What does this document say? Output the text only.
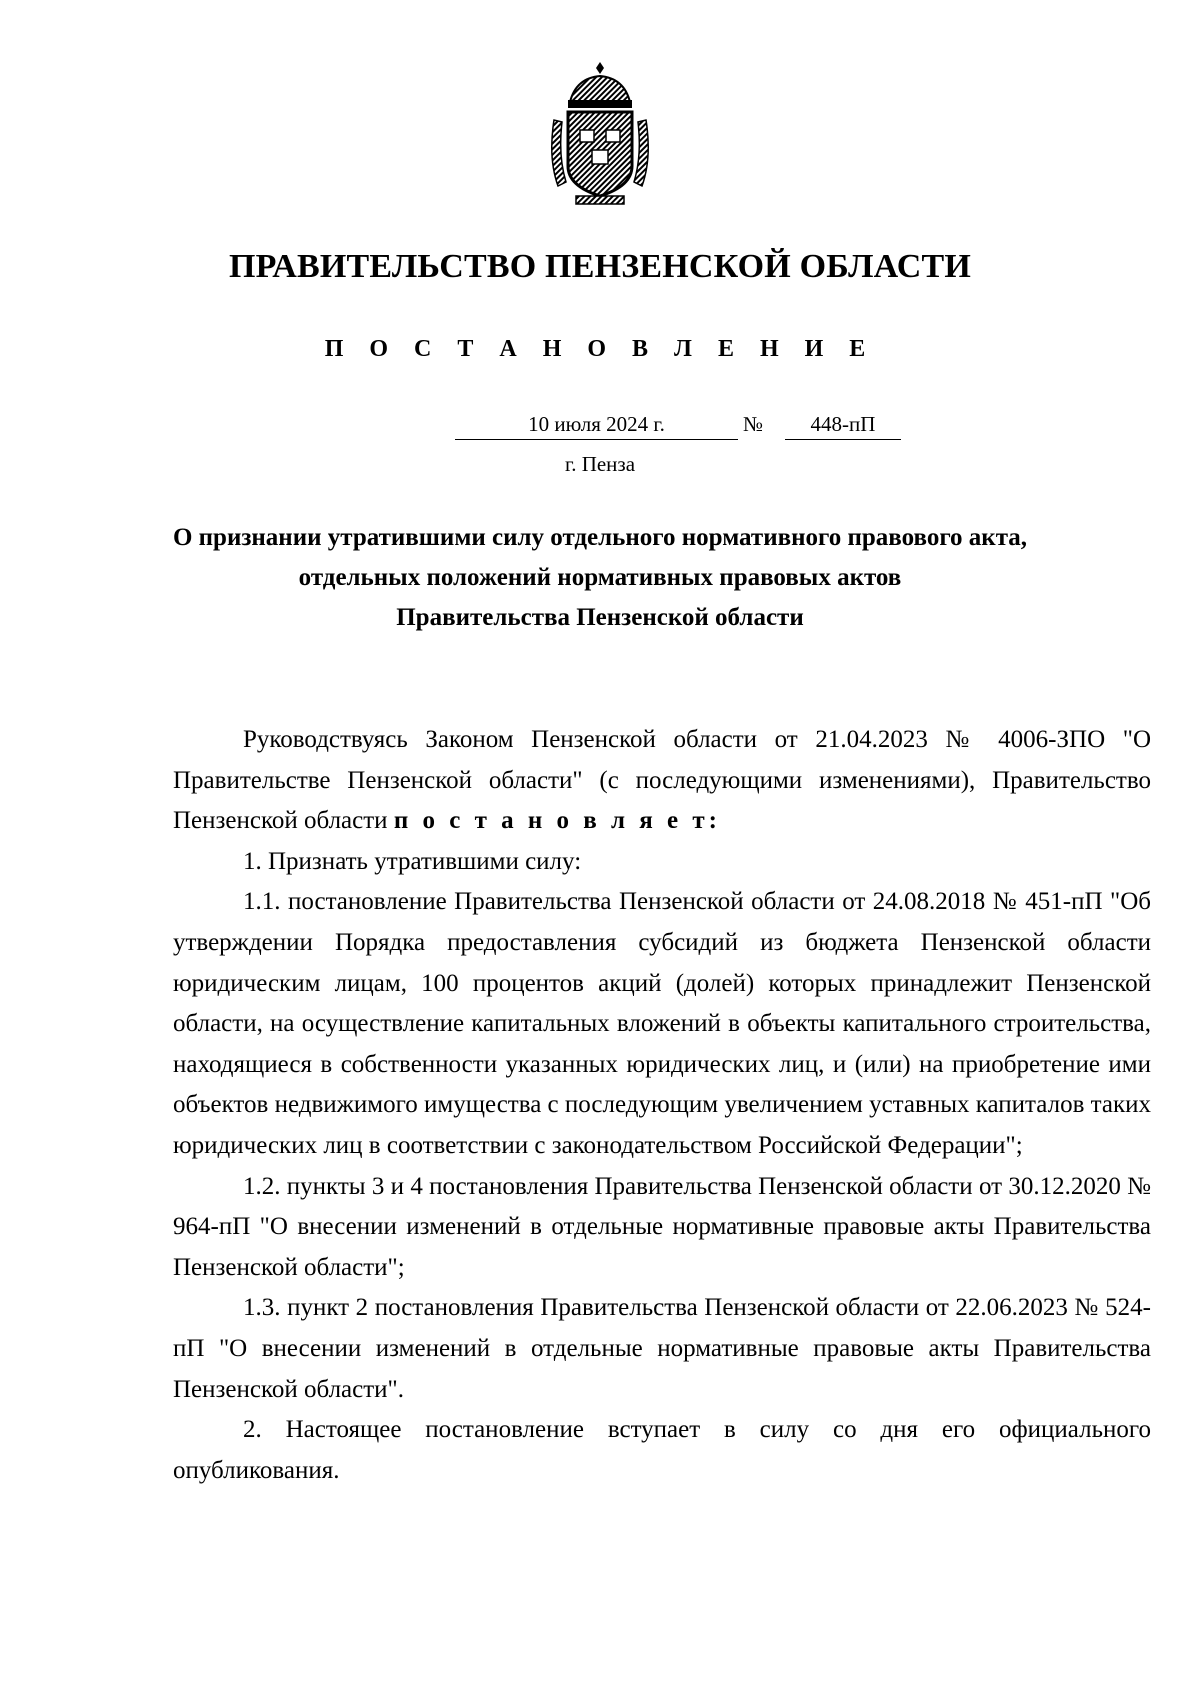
ПРАВИТЕЛЬСТВО ПЕНЗЕНСКОЙ ОБЛАСТИ
П О С Т А Н О В Л Е Н И Е
10 июля 2024 г.	№	448-пП
г. Пенза
О признании утратившими силу отдельного нормативного правового акта,
отдельных положений нормативных правовых актов
Правительства Пензенской области

Руководствуясь Законом Пензенской области от 21.04.2023 № 4006-ЗПО "О Правительстве Пензенской области" (с последующими изменениями), Правительство Пензенской области п о с т а н о в л я е т:

1. Признать утратившими силу:

1.1. постановление Правительства Пензенской области от 24.08.2018 № 451-пП "Об утверждении Порядка предоставления субсидий из бюджета Пензенской области юридическим лицам, 100 процентов акций (долей) которых принадлежит Пензенской области, на осуществление капитальных вложений в объекты капитального строительства, находящиеся в собственности указанных юридических лиц, и (или) на приобретение ими объектов недвижимого имущества с последующим увеличением уставных капиталов таких юридических лиц в соответствии с законодательством Российской Федерации";

1.2. пункты 3 и 4 постановления Правительства Пензенской области от 30.12.2020 № 964-пП "О внесении изменений в отдельные нормативные правовые акты Правительства Пензенской области";

1.3. пункт 2 постановления Правительства Пензенской области от 22.06.2023 № 524-пП "О внесении изменений в отдельные нормативные правовые акты Правительства Пензенской области".

2. Настоящее постановление вступает в силу со дня его официального опубликования.
